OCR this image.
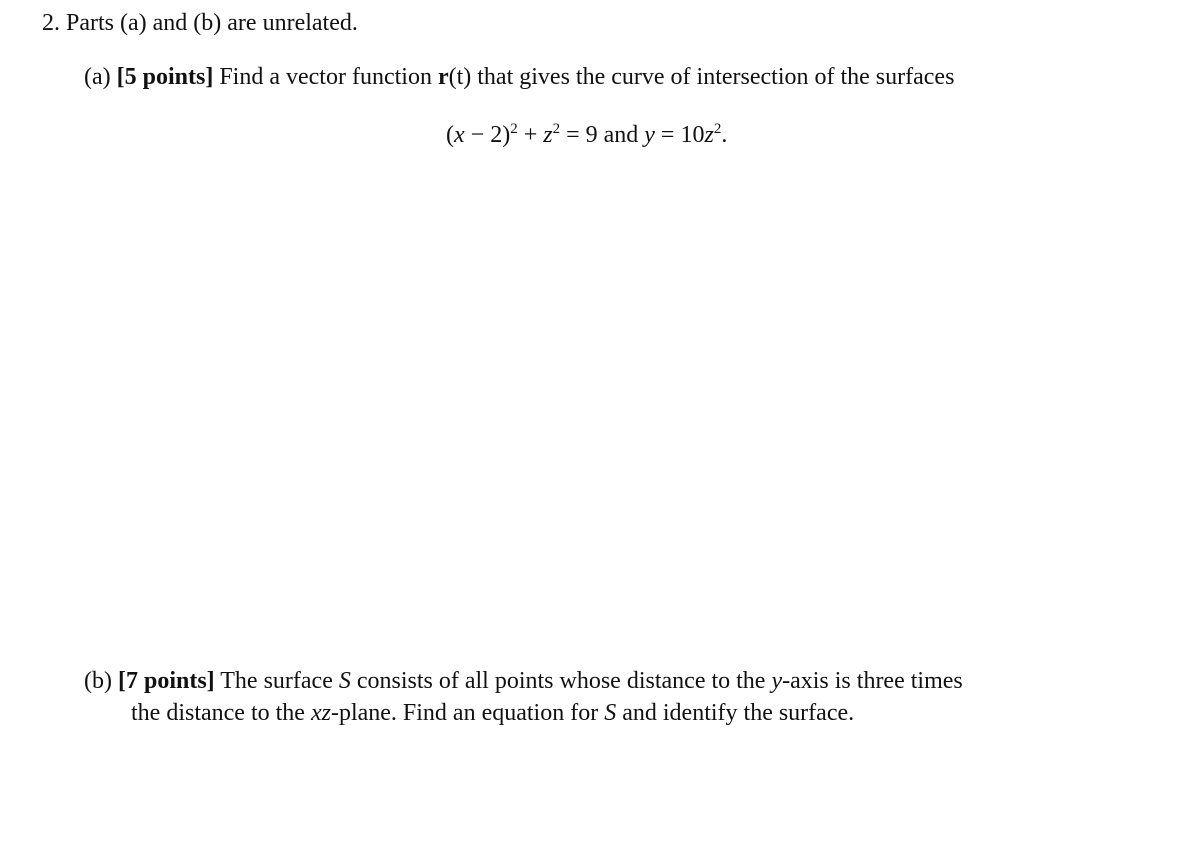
2. Parts (a) and (b) are unrelated.
(a) [5 points] Find a vector function r(t) that gives the curve of intersection of the surfaces
$(x - 2)^2 + z^2 = 9$ and $y = 10z^2$.
(b) [7 points] The surface S consists of all points whose distance to the y-axis is three times
the distance to the xz-plane. Find an equation for S and identify the surface.
